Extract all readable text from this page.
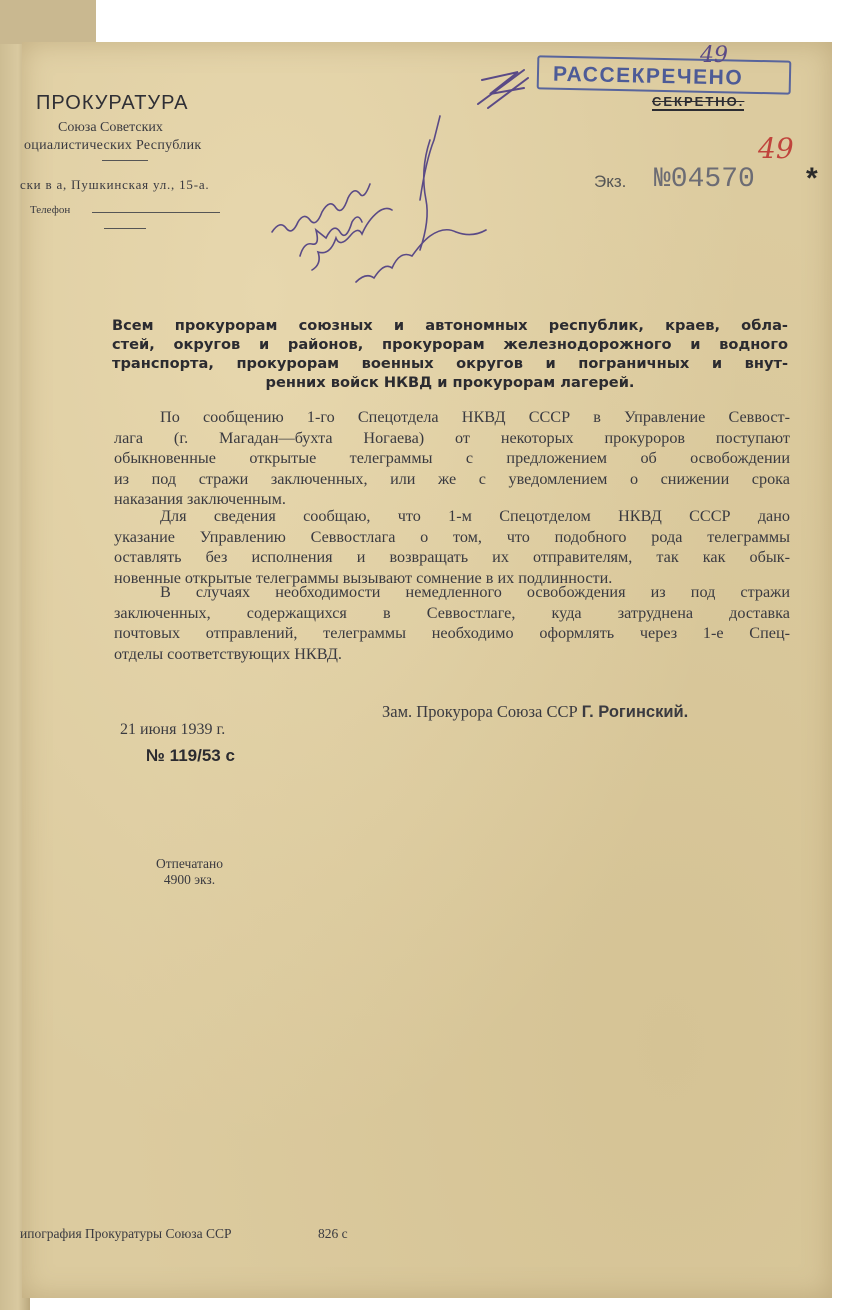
ПРОКУРАТУРА
Союза Советских
оциалистических Республик
ски в а, Пушкинская ул., 15-а.
Телефон
РАССЕКРЕЧЕНО
СЕКРЕТНО.
Экз. №04570 *
Всем прокурорам союзных и автономных республик, краев, обла-
стей, округов и районов, прокурорам железнодорожного и водного
транспорта, прокурорам военных округов и пограничных и внут-
ренних войск НКВД и прокурорам лагерей.
По сообщению 1-го Спецотдела НКВД СССР в Управление Севвост-
лага (г. Магадан—бухта Ногаева) от некоторых прокуроров поступают
обыкновенные открытые телеграммы с предложением об освобождении
из под стражи заключенных, или же с уведомлением о снижении срока
наказания заключенным.
Для сведения сообщаю, что 1-м Спецотделом НКВД СССР дано
указание Управлению Севвостлага о том, что подобного рода телеграммы
оставлять без исполнения и возвращать их отправителям, так как обык-
новенные открытые телеграммы вызывают сомнение в их подлинности.
В случаях необходимости немедленного освобождения из под стражи
заключенных, содержащихся в Севвостлаге, куда затруднена доставка
почтовых отправлений, телеграммы необходимо оформлять через 1-е Спец-
отделы соответствующих НКВД.
Зам. Прокурора Союза ССР Г. Рогинский.
21 июня 1939 г.
№ 119/53 с
Отпечатано
4900 экз.
ипография Прокуратуры Союза ССР	826 с
49
49
